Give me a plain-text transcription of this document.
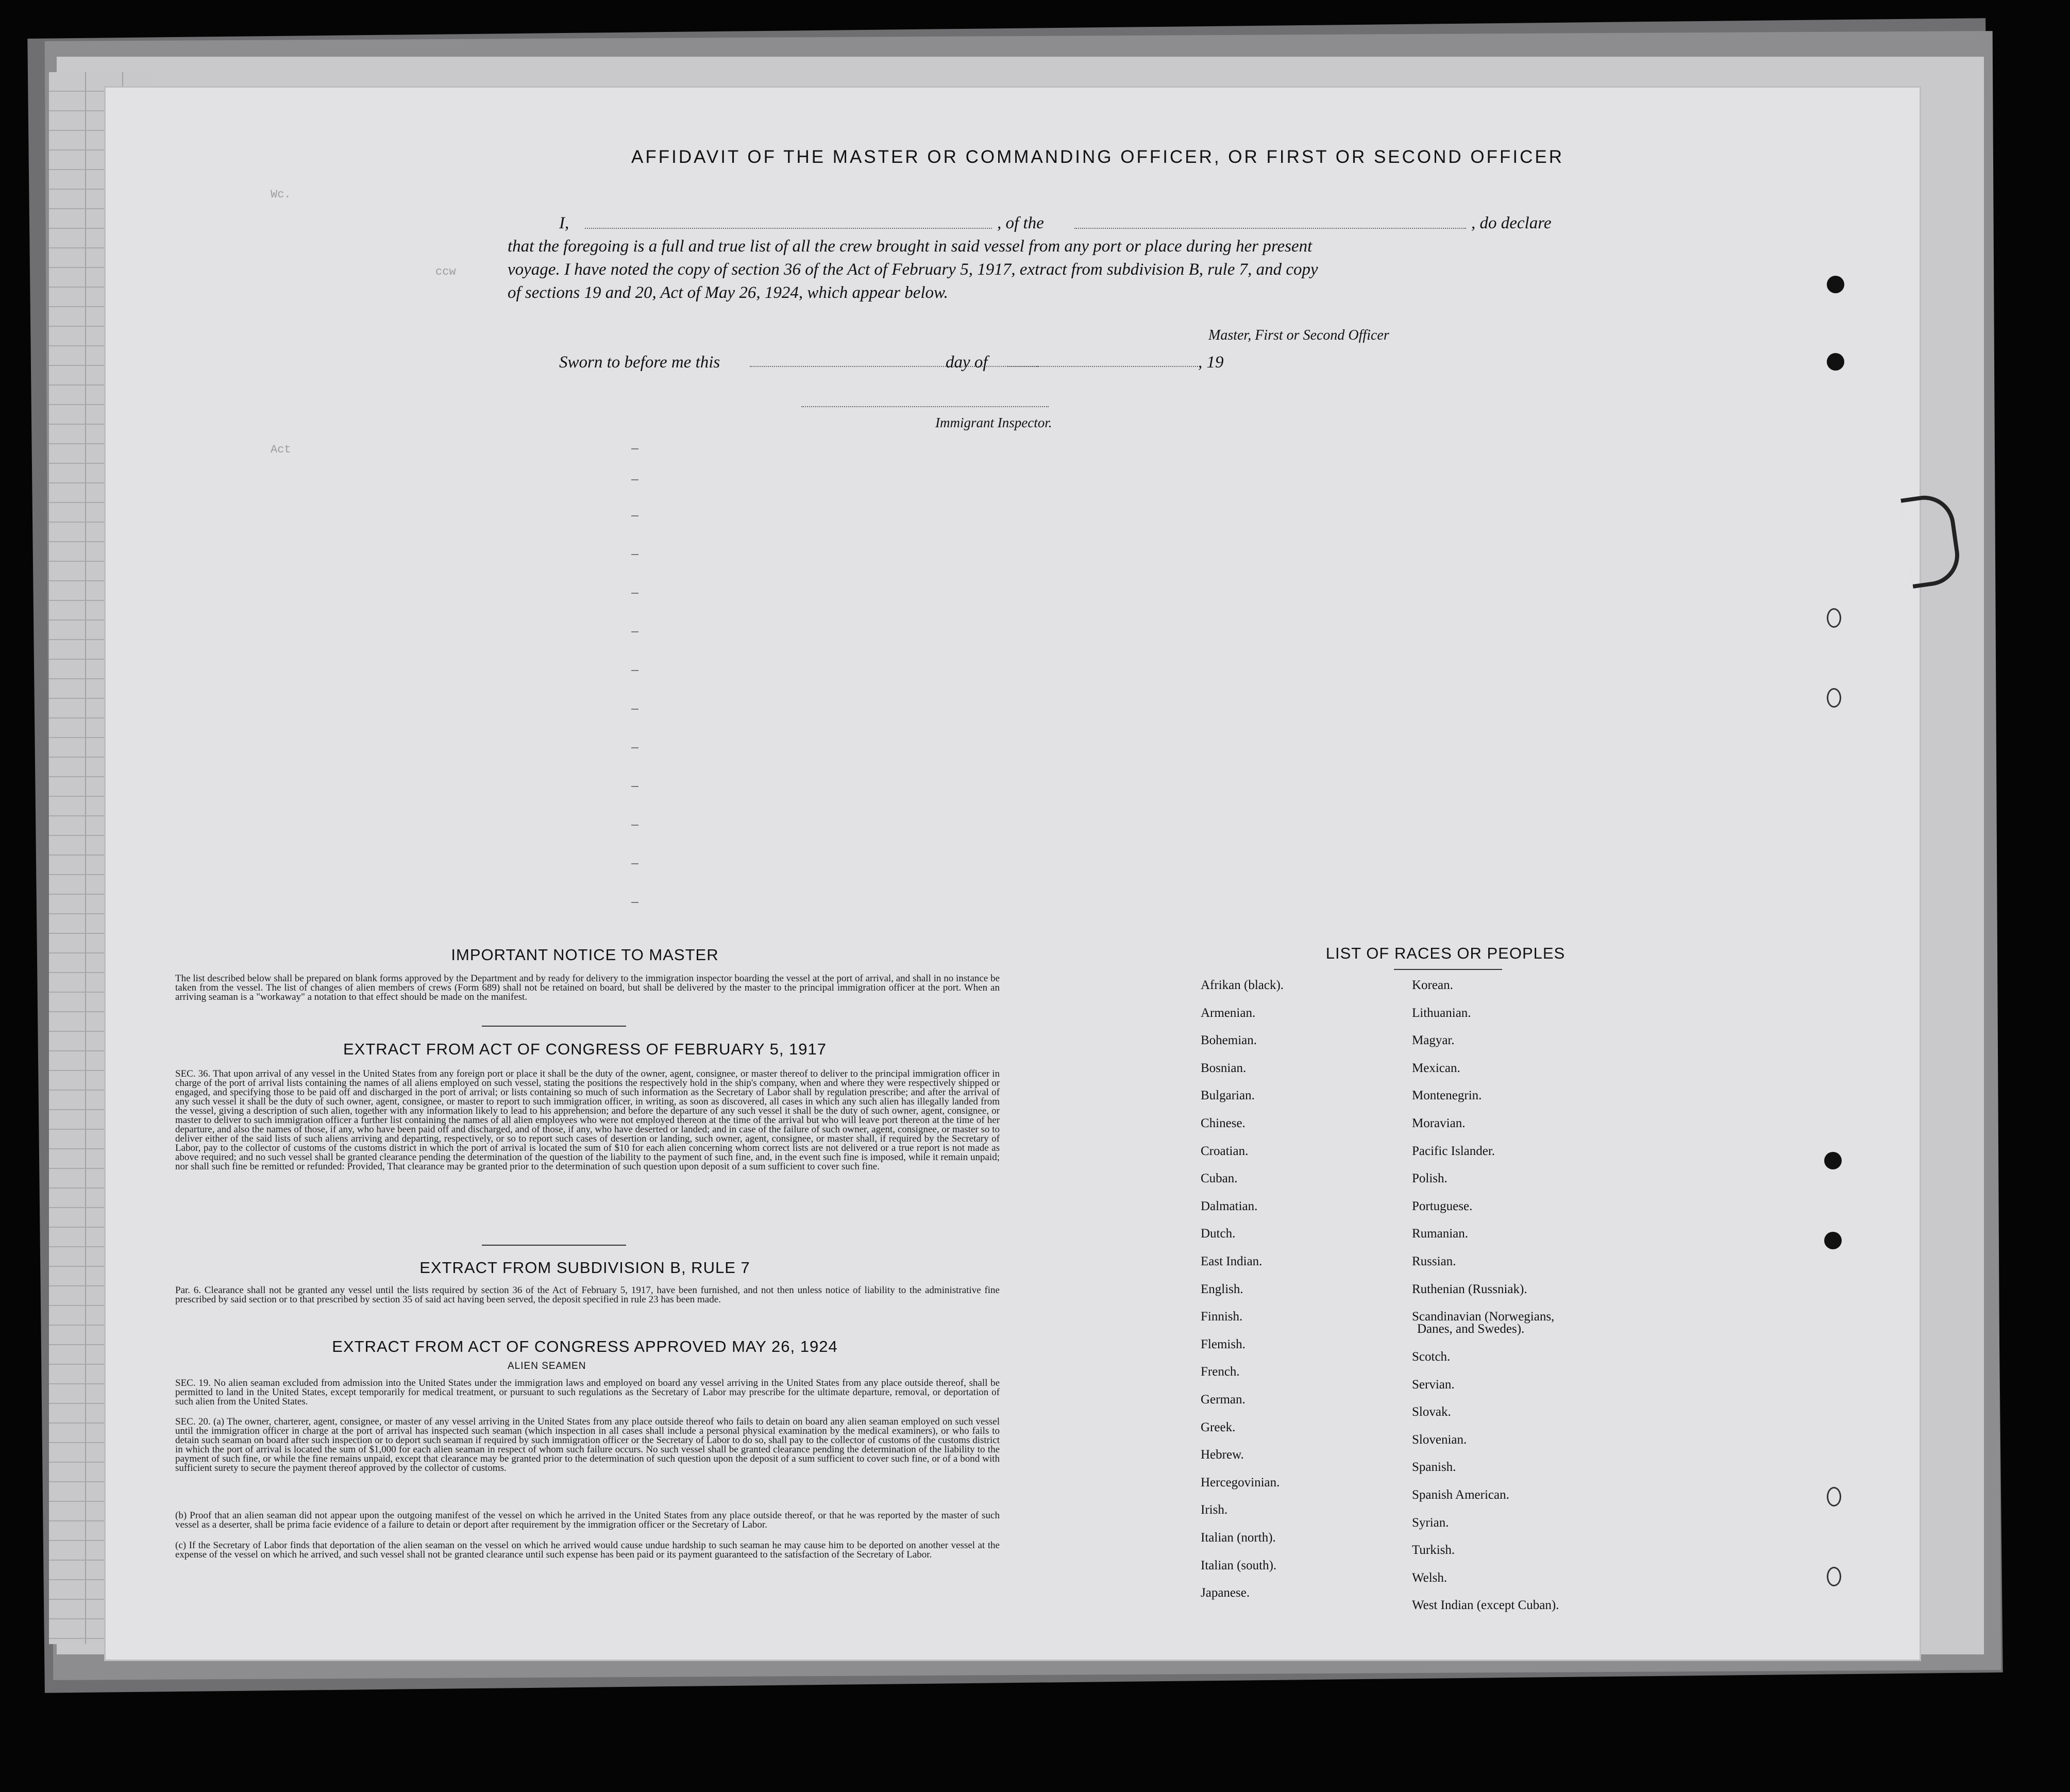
AFFIDAVIT OF THE MASTER OR COMMANDING OFFICER, OR FIRST OR SECOND OFFICER
I,	, of the	, do declare
that the foregoing is a full and true list of all the crew brought in said vessel from any port or place during her present
voyage. I have noted the copy of section 36 of the Act of February 5, 1917, extract from subdivision B, rule 7, and copy
of sections 19 and 20, Act of May 26, 1924, which appear below.
Master, First or Second Officer
Sworn to before me this	day of	, 19
Immigrant Inspector.
Wc.
ccw
Act
IMPORTANT NOTICE TO MASTER
The list described below shall be prepared on blank forms approved by the Department and by ready for delivery to the immigration inspector boarding the vessel at the port of arrival, and shall in no instance be taken from the vessel. The list of changes of alien members of crews (Form 689) shall not be retained on board, but shall be delivered by the master to the principal immigration officer at the port. When an arriving seaman is a "workaway" a notation to that effect should be made on the manifest.
EXTRACT FROM ACT OF CONGRESS OF FEBRUARY 5, 1917
SEC. 36. That upon arrival of any vessel in the United States from any foreign port or place it shall be the duty of the owner, agent, consignee, or master thereof to deliver to the principal immigration officer in charge of the port of arrival lists containing the names of all aliens employed on such vessel, stating the positions the respectively hold in the ship's company, when and where they were respectively shipped or engaged, and specifying those to be paid off and discharged in the port of arrival; or lists containing so much of such information as the Secretary of Labor shall by regulation prescribe; and after the arrival of any such vessel it shall be the duty of such owner, agent, consignee, or master to report to such immigration officer, in writing, as soon as discovered, all cases in which any such alien has illegally landed from the vessel, giving a description of such alien, together with any information likely to lead to his apprehension; and before the departure of any such vessel it shall be the duty of such owner, agent, consignee, or master to deliver to such immigration officer a further list containing the names of all alien employees who were not employed thereon at the time of the arrival but who will leave port thereon at the time of her departure, and also the names of those, if any, who have been paid off and discharged, and of those, if any, who have deserted or landed; and in case of the failure of such owner, agent, consignee, or master so to deliver either of the said lists of such aliens arriving and departing, respectively, or so to report such cases of desertion or landing, such owner, agent, consignee, or master shall, if required by the Secretary of Labor, pay to the collector of customs of the customs district in which the port of arrival is located the sum of $10 for each alien concerning whom correct lists are not delivered or a true report is not made as above required; and no such vessel shall be granted clearance pending the determination of the question of the liability to the payment of such fine, and, in the event such fine is imposed, while it remain unpaid; nor shall such fine be remitted or refunded: Provided, That clearance may be granted prior to the determination of such question upon deposit of a sum sufficient to cover such fine.
EXTRACT FROM SUBDIVISION B, RULE 7
Par. 6. Clearance shall not be granted any vessel until the lists required by section 36 of the Act of February 5, 1917, have been furnished, and not then unless notice of liability to the administrative fine prescribed by said section or to that prescribed by section 35 of said act having been served, the deposit specified in rule 23 has been made.
EXTRACT FROM ACT OF CONGRESS APPROVED MAY 26, 1924
ALIEN SEAMEN
SEC. 19. No alien seaman excluded from admission into the United States under the immigration laws and employed on board any vessel arriving in the United States from any place outside thereof, shall be permitted to land in the United States, except temporarily for medical treatment, or pursuant to such regulations as the Secretary of Labor may prescribe for the ultimate departure, removal, or deportation of such alien from the United States.
SEC. 20. (a) The owner, charterer, agent, consignee, or master of any vessel arriving in the United States from any place outside thereof who fails to detain on board any alien seaman employed on such vessel until the immigration officer in charge at the port of arrival has inspected such seaman (which inspection in all cases shall include a personal physical examination by the medical examiners), or who fails to detain such seaman on board after such inspection or to deport such seaman if required by such immigration officer or the Secretary of Labor to do so, shall pay to the collector of customs of the customs district in which the port of arrival is located the sum of $1,000 for each alien seaman in respect of whom such failure occurs. No such vessel shall be granted clearance pending the determination of the liability to the payment of such fine, or while the fine remains unpaid, except that clearance may be granted prior to the determination of such question upon the deposit of a sum sufficient to cover such fine, or of a bond with sufficient surety to secure the payment thereof approved by the collector of customs.
(b) Proof that an alien seaman did not appear upon the outgoing manifest of the vessel on which he arrived in the United States from any place outside thereof, or that he was reported by the master of such vessel as a deserter, shall be prima facie evidence of a failure to detain or deport after requirement by the immigration officer or the Secretary of Labor.
(c) If the Secretary of Labor finds that deportation of the alien seaman on the vessel on which he arrived would cause undue hardship to such seaman he may cause him to be deported on another vessel at the expense of the vessel on which he arrived, and such vessel shall not be granted clearance until such expense has been paid or its payment guaranteed to the satisfaction of the Secretary of Labor.
LIST OF RACES OR PEOPLES
Afrikan (black).
Armenian.
Bohemian.
Bosnian.
Bulgarian.
Chinese.
Croatian.
Cuban.
Dalmatian.
Dutch.
East Indian.
English.
Finnish.
Flemish.
French.
German.
Greek.
Hebrew.
Hercegovinian.
Irish.
Italian (north).
Italian (south).
Japanese.
Korean.
Lithuanian.
Magyar.
Mexican.
Montenegrin.
Moravian.
Pacific Islander.
Polish.
Portuguese.
Rumanian.
Russian.
Ruthenian (Russniak).
Scandinavian (Norwegians,
Danes, and Swedes).
Scotch.
Servian.
Slovak.
Slovenian.
Spanish.
Spanish American.
Syrian.
Turkish.
Welsh.
West Indian (except Cuban).
